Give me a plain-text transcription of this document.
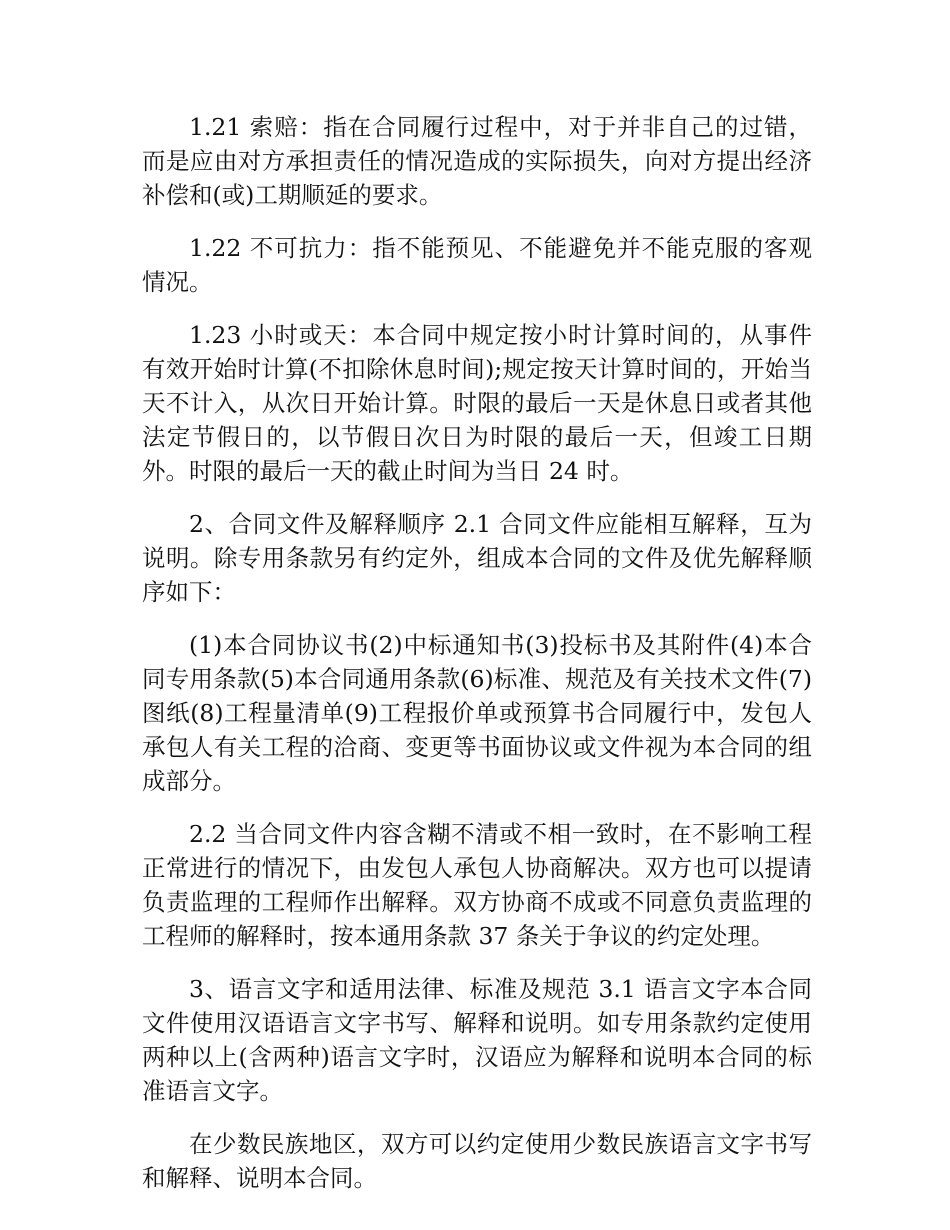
1.21 索赔：指在合同履行过程中，对于并非自己的过错，而是应由对方承担责任的情况造成的实际损失，向对方提出经济补偿和(或)工期顺延的要求。

1.22 不可抗力：指不能预见、不能避免并不能克服的客观情况。

1.23 小时或天：本合同中规定按小时计算时间的，从事件有效开始时计算(不扣除休息时间);规定按天计算时间的，开始当天不计入，从次日开始计算。时限的最后一天是休息日或者其他法定节假日的，以节假日次日为时限的最后一天，但竣工日期外。时限的最后一天的截止时间为当日 24 时。

2、合同文件及解释顺序 2.1 合同文件应能相互解释，互为说明。除专用条款另有约定外，组成本合同的文件及优先解释顺序如下：

(1)本合同协议书(2)中标通知书(3)投标书及其附件(4)本合同专用条款(5)本合同通用条款(6)标准、规范及有关技术文件(7)图纸(8)工程量清单(9)工程报价单或预算书合同履行中，发包人承包人有关工程的洽商、变更等书面协议或文件视为本合同的组成部分。

2.2 当合同文件内容含糊不清或不相一致时，在不影响工程正常进行的情况下，由发包人承包人协商解决。双方也可以提请负责监理的工程师作出解释。双方协商不成或不同意负责监理的工程师的解释时，按本通用条款 37 条关于争议的约定处理。

3、语言文字和适用法律、标准及规范 3.1 语言文字本合同文件使用汉语语言文字书写、解释和说明。如专用条款约定使用两种以上(含两种)语言文字时，汉语应为解释和说明本合同的标准语言文字。

在少数民族地区，双方可以约定使用少数民族语言文字书写和解释、说明本合同。
